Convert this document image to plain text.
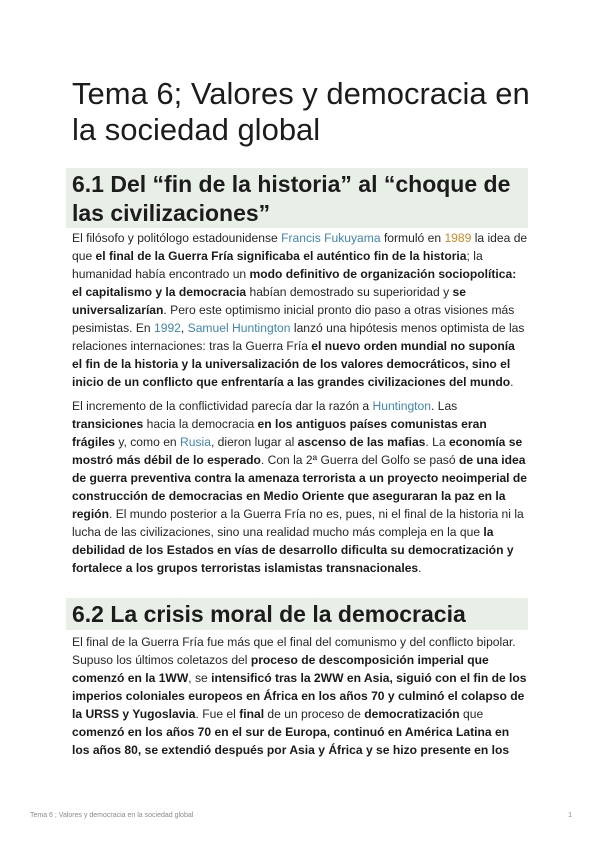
Tema 6; Valores y democracia en la sociedad global
6.1 Del “fin de la historia” al “choque de las civilizaciones”

El filósofo y politólogo estadounidense Francis Fukuyama formuló en 1989 la idea de que el final de la Guerra Fría significaba el auténtico fin de la historia; la humanidad había encontrado un modo definitivo de organización sociopolítica: el capitalismo y la democracia habían demostrado su superioridad y se universalizarían. Pero este optimismo inicial pronto dio paso a otras visiones más pesimistas. En 1992, Samuel Huntington lanzó una hipótesis menos optimista de las relaciones internaciones: tras la Guerra Fría el nuevo orden mundial no suponía el fin de la historia y la universalización de los valores democráticos, sino el inicio de un conflicto que enfrentaría a las grandes civilizaciones del mundo.

El incremento de la conflictividad parecía dar la razón a Huntington. Las transiciones hacia la democracia en los antiguos países comunistas eran frágiles y, como en Rusia, dieron lugar al ascenso de las mafias. La economía se mostró más débil de lo esperado. Con la 2ª Guerra del Golfo se pasó de una idea de guerra preventiva contra la amenaza terrorista a un proyecto neoimperial de construcción de democracias en Medio Oriente que aseguraran la paz en la región. El mundo posterior a la Guerra Fría no es, pues, ni el final de la historia ni la lucha de las civilizaciones, sino una realidad mucho más compleja en la que la debilidad de los Estados en vías de desarrollo dificulta su democratización y fortalece a los grupos terroristas islamistas transnacionales.

6.2 La crisis moral de la democracia

El final de la Guerra Fría fue más que el final del comunismo y del conflicto bipolar. Supuso los últimos coletazos del proceso de descomposición imperial que comenzó en la 1WW, se intensificó tras la 2WW en Asia, siguió con el fin de los imperios coloniales europeos en África en los años 70 y culminó el colapso de la URSS y Yugoslavia. Fue el final de un proceso de democratización que comenzó en los años 70 en el sur de Europa, continuó en América Latina en los años 80, se extendió después por Asia y África y se hizo presente en los

Tema 6 ; Valores y democracia en la sociedad global	1
